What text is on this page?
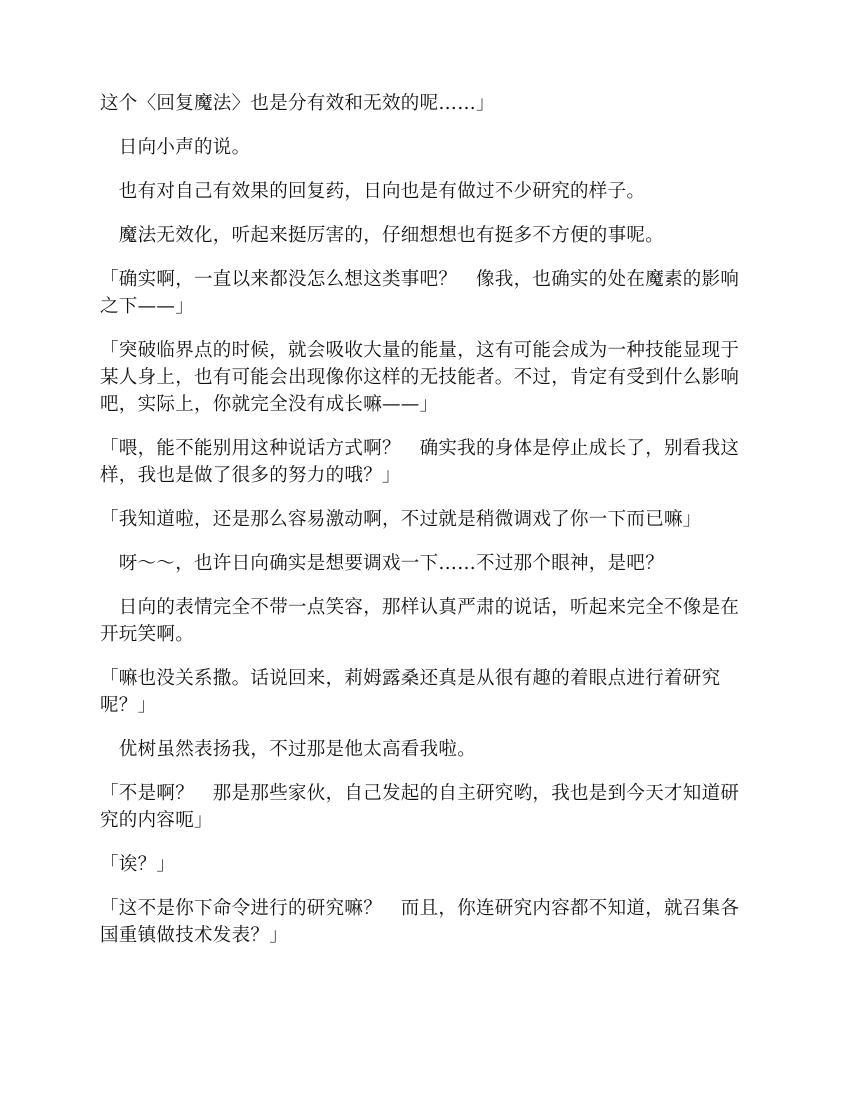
这个〈回复魔法〉也是分有效和无效的呢……」

　日向小声的说。

　也有对自己有效果的回复药，日向也是有做过不少研究的样子。

　魔法无效化，听起来挺厉害的，仔细想想也有挺多不方便的事呢。

「确实啊，一直以来都没怎么想这类事吧？　像我，也确实的处在魔素的影响之下——」

「突破临界点的时候，就会吸收大量的能量，这有可能会成为一种技能显现于某人身上，也有可能会出现像你这样的无技能者。不过，肯定有受到什么影响吧，实际上，你就完全没有成长嘛——」

「喂，能不能别用这种说话方式啊？　确实我的身体是停止成长了，别看我这样，我也是做了很多的努力的哦？」

「我知道啦，还是那么容易激动啊，不过就是稍微调戏了你一下而已嘛」

　呀～～，也许日向确实是想要调戏一下……不过那个眼神，是吧？

　日向的表情完全不带一点笑容，那样认真严肃的说话，听起来完全不像是在开玩笑啊。

「嘛也没关系撒。话说回来，莉姆露桑还真是从很有趣的着眼点进行着研究呢？」

　优树虽然表扬我，不过那是他太高看我啦。

「不是啊？　那是那些家伙，自己发起的自主研究哟，我也是到今天才知道研究的内容呃」

「诶？」

「这不是你下命令进行的研究嘛？　而且，你连研究内容都不知道，就召集各国重镇做技术发表？」
